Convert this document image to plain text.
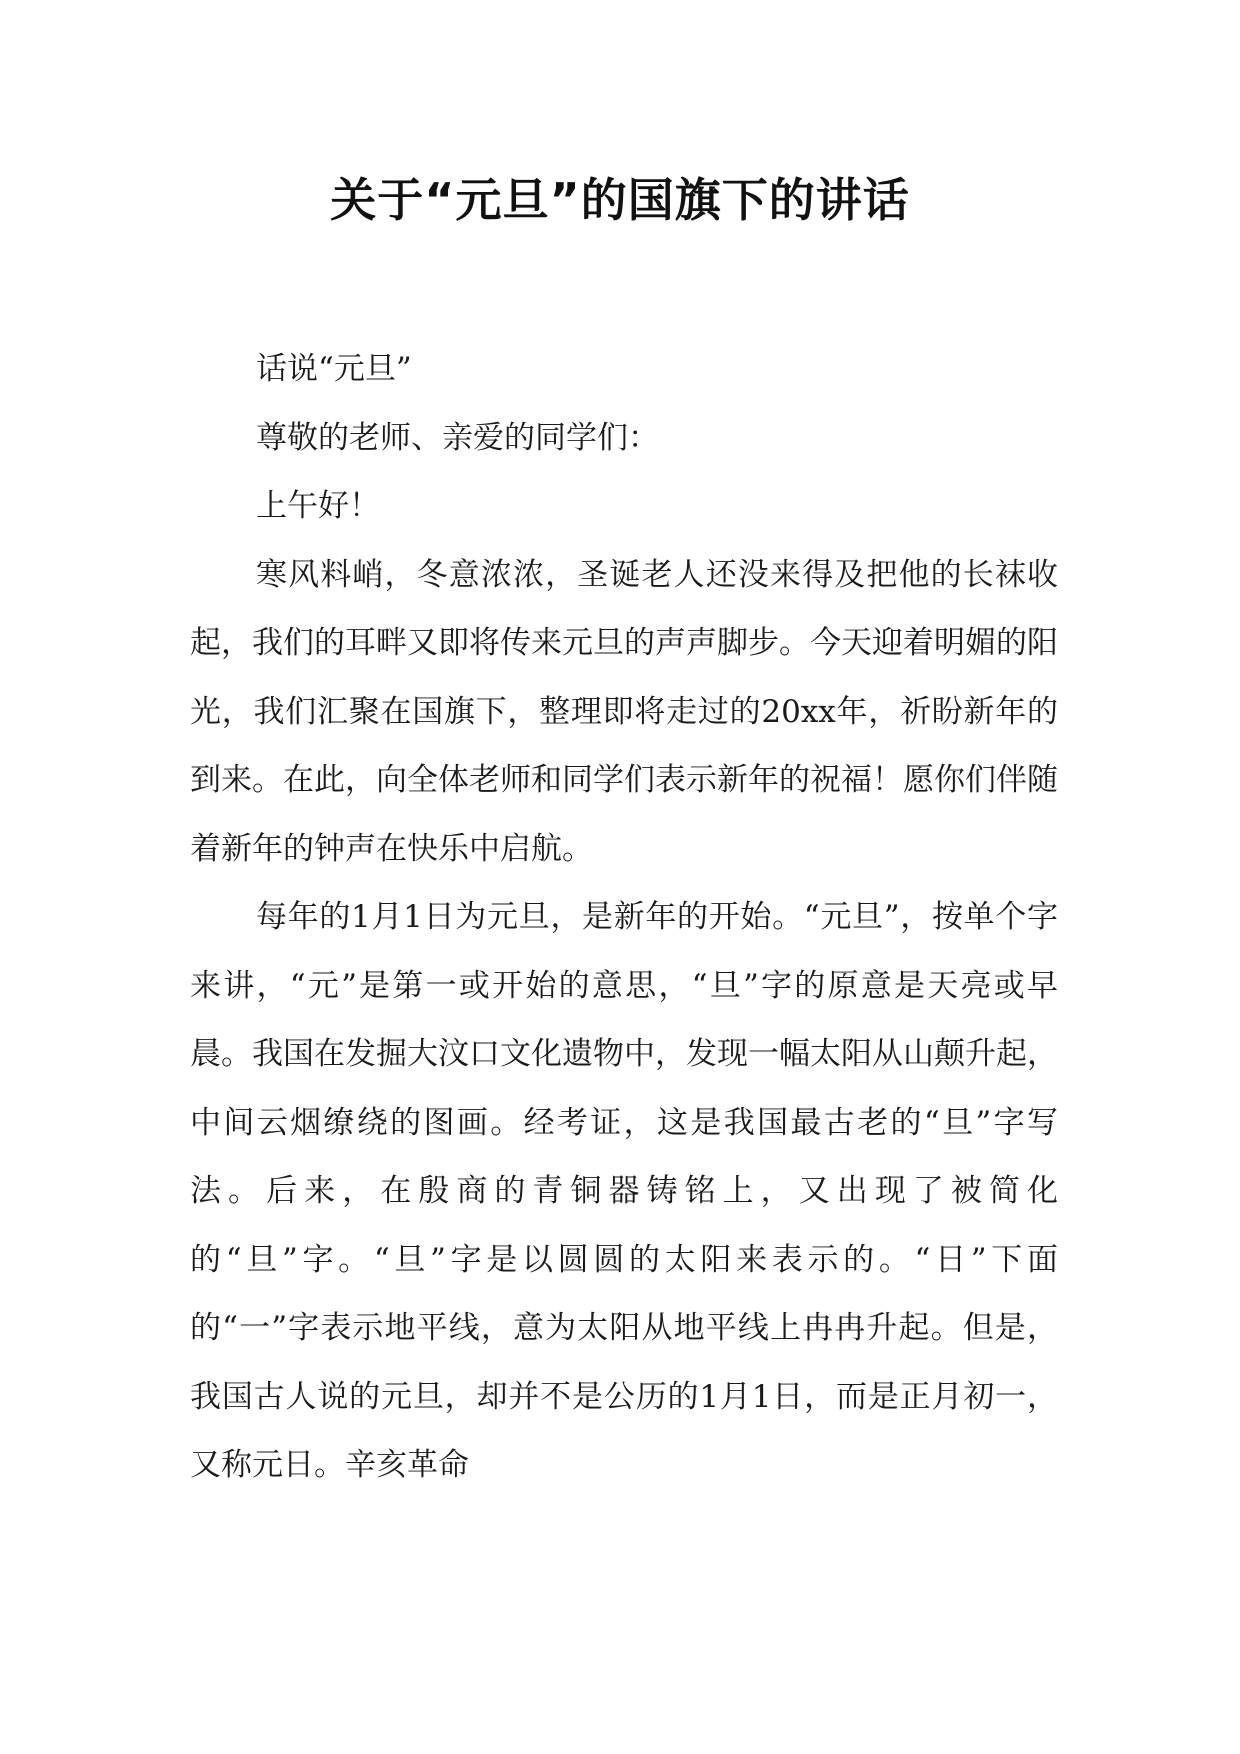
关于“元旦”的国旗下的讲话

话说“元旦”

尊敬的老师、亲爱的同学们：

上午好！

寒风料峭，冬意浓浓，圣诞老人还没来得及把他的长袜收起，我们的耳畔又即将传来元旦的声声脚步。今天迎着明媚的阳光，我们汇聚在国旗下，整理即将走过的20xx年，祈盼新年的到来。在此，向全体老师和同学们表示新年的祝福！愿你们伴随着新年的钟声在快乐中启航。

每年的1月1日为元旦，是新年的开始。“元旦”，按单个字来讲，“元”是第一或开始的意思，“旦”字的原意是天亮或早晨。我国在发掘大汶口文化遗物中，发现一幅太阳从山颠升起，中间云烟缭绕的图画。经考证，这是我国最古老的“旦”字写法。后来，在殷商的青铜器铸铭上，又出现了被简化的“旦”字。“旦”字是以圆圆的太阳来表示的。“日”下面的“一”字表示地平线，意为太阳从地平线上冉冉升起。但是，我国古人说的元旦，却并不是公历的1月1日，而是正月初一，又称元日。辛亥革命
